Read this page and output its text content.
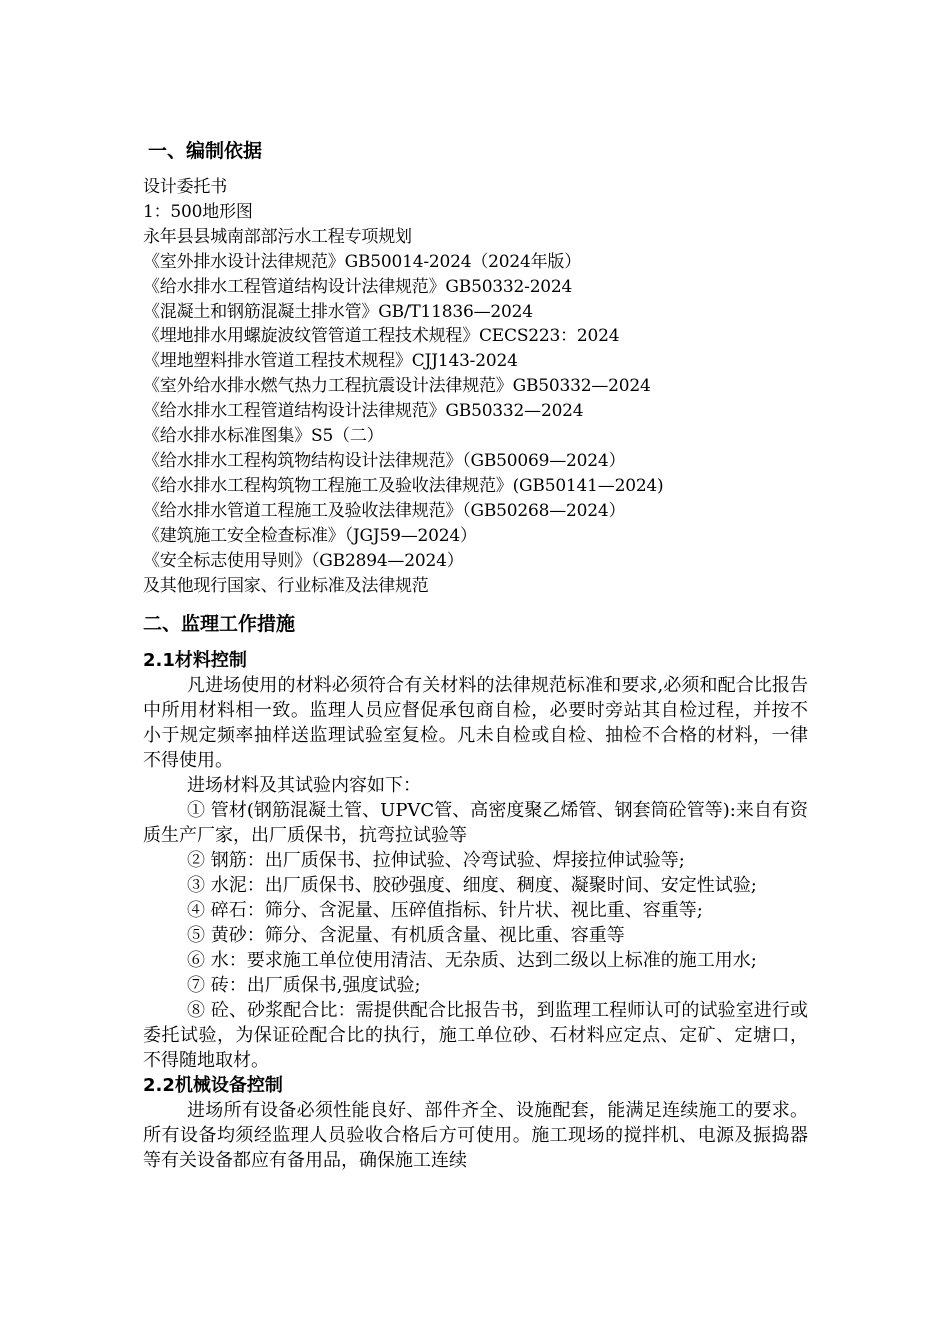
一、编制依据
设计委托书
1：500地形图
永年县县城南部部污水工程专项规划
《室外排水设计法律规范》GB50014-2024（2024年版）
《给水排水工程管道结构设计法律规范》GB50332-2024
《混凝土和钢筋混凝土排水管》GB/T11836—2024
《埋地排水用螺旋波纹管管道工程技术规程》CECS223：2024
《埋地塑料排水管道工程技术规程》CJJ143-2024
《室外给水排水燃气热力工程抗震设计法律规范》GB50332—2024
《给水排水工程管道结构设计法律规范》GB50332—2024
《给水排水标准图集》S5（二）
《给水排水工程构筑物结构设计法律规范》（GB50069—2024）
《给水排水工程构筑物工程施工及验收法律规范》(GB50141—2024)
《给水排水管道工程施工及验收法律规范》（GB50268—2024）
《建筑施工安全检查标准》（JGJ59—2024）
《安全标志使用导则》（GB2894—2024）
及其他现行国家、行业标准及法律规范
二、监理工作措施
2.1材料控制

凡进场使用的材料必须符合有关材料的法律规范标准和要求,必须和配合比报告中所用材料相一致。监理人员应督促承包商自检，必要时旁站其自检过程，并按不小于规定频率抽样送监理试验室复检。凡未自检或自检、抽检不合格的材料，一律不得使用。

进场材料及其试验内容如下：

① 管材(钢筋混凝土管、UPVC管、高密度聚乙烯管、钢套筒砼管等):来自有资质生产厂家，出厂质保书，抗弯拉试验等

② 钢筋：出厂质保书、拉伸试验、冷弯试验、焊接拉伸试验等;

③ 水泥：出厂质保书、胶砂强度、细度、稠度、凝聚时间、安定性试验;

④ 碎石：筛分、含泥量、压碎值指标、针片状、视比重、容重等;

⑤ 黄砂：筛分、含泥量、有机质含量、视比重、容重等

⑥ 水：要求施工单位使用清洁、无杂质、达到二级以上标准的施工用水;

⑦ 砖：出厂质保书,强度试验;

⑧ 砼、砂浆配合比：需提供配合比报告书，到监理工程师认可的试验室进行或委托试验，为保证砼配合比的执行，施工单位砂、石材料应定点、定矿、定塘口，不得随地取材。

2.2机械设备控制

进场所有设备必须性能良好、部件齐全、设施配套，能满足连续施工的要求。所有设备均须经监理人员验收合格后方可使用。施工现场的搅拌机、电源及振捣器等有关设备都应有备用品，确保施工连续
